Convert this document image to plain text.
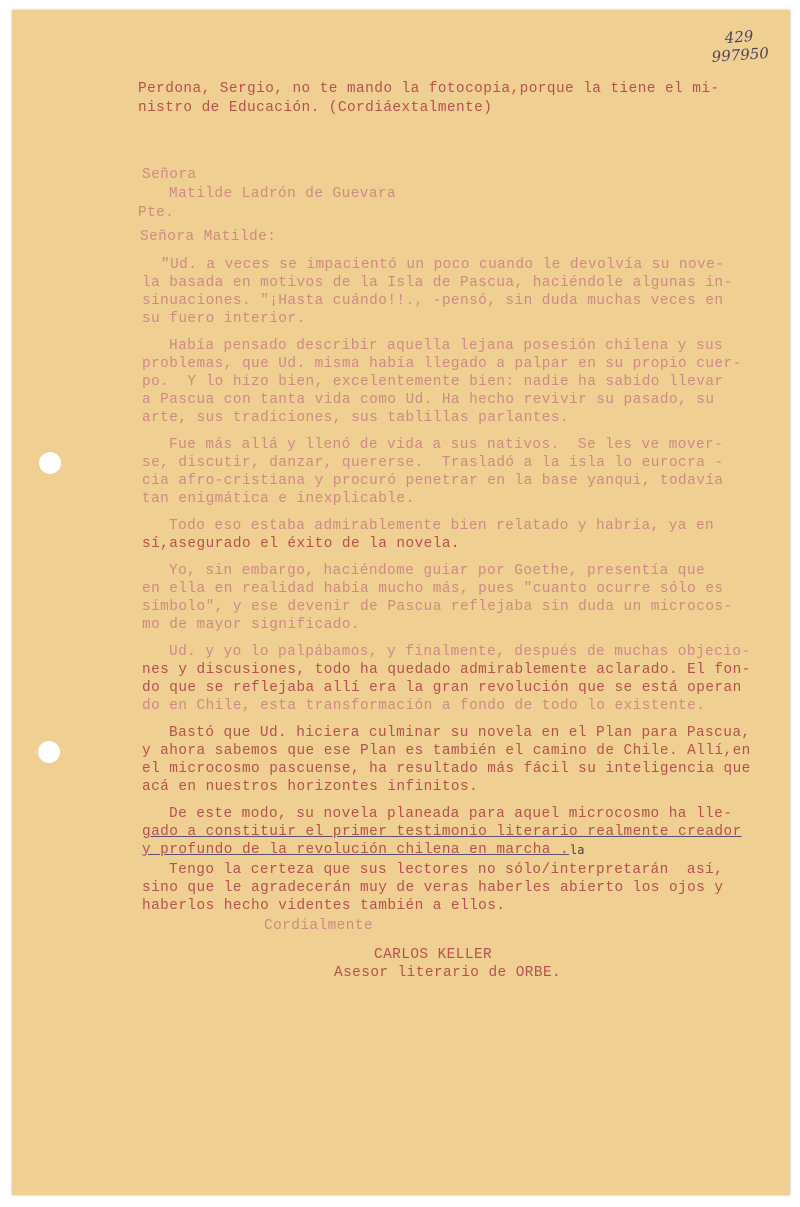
429
997950
Perdona, Sergio, no te mando la fotocopia,porque la tiene el mi-
nistro de Educación. (Cordiáextalmente)
Señora
Matilde Ladrón de Guevara
Pte.
Señora Matilde:
"Ud. a veces se impacientó un poco cuando le devolvía su nove-
la basada en motivos de la Isla de Pascua, haciéndole algunas in-
sinuaciones. "¡Hasta cuándo!!., -pensó, sin duda muchas veces en
su fuero interior.
Había pensado describir aquella lejana posesión chilena y sus
problemas, que Ud. misma había llegado a palpar en su propio cuer-
po.  Y lo hizo bien, excelentemente bien: nadie ha sabido llevar
a Pascua con tanta vida como Ud. Ha hecho revivir su pasado, su
arte, sus tradiciones, sus tablillas parlantes.
Fue más allá y llenó de vida a sus nativos.  Se les ve mover-
se, discutir, danzar, quererse.  Trasladó a la isla lo eurocra -
cia afro-cristiana y procuró penetrar en la base yanqui, todavía
tan enigmática e inexplicable.
Todo eso estaba admirablemente bien relatado y habría, ya en
sí,asegurado el éxito de la novela.
Yo, sin embargo, haciéndome guiar por Goethe, presentía que
en ella en realidad había mucho más, pues "cuanto ocurre sólo es
símbolo", y ese devenir de Pascua reflejaba sin duda un microcos-
mo de mayor significado.
Ud. y yo lo palpábamos, y finalmente, después de muchas objecio-
nes y discusiones, todo ha quedado admirablemente aclarado. El fon-
do que se reflejaba allí era la gran revolución que se está operan
do en Chile, esta transformación a fondo de todo lo existente.
Bastó que Ud. hiciera culminar su novela en el Plan para Pascua,
y ahora sabemos que ese Plan es también el camino de Chile. Allí,en
el microcosmo pascuense, ha resultado más fácil su inteligencia que
acá en nuestros horizontes infinitos.
De este modo, su novela planeada para aquel microcosmo ha lle-
gado a constituir el primer testimonio literario realmente creador
y profundo de la revolución chilena en marcha . la
Tengo la certeza que sus lectores no sólo/interpretarán  así,
sino que le agradecerán muy de veras haberles abierto los ojos y
haberlos hecho videntes también a ellos.
Cordialmente
CARLOS KELLER
Asesor literario de ORBE.
